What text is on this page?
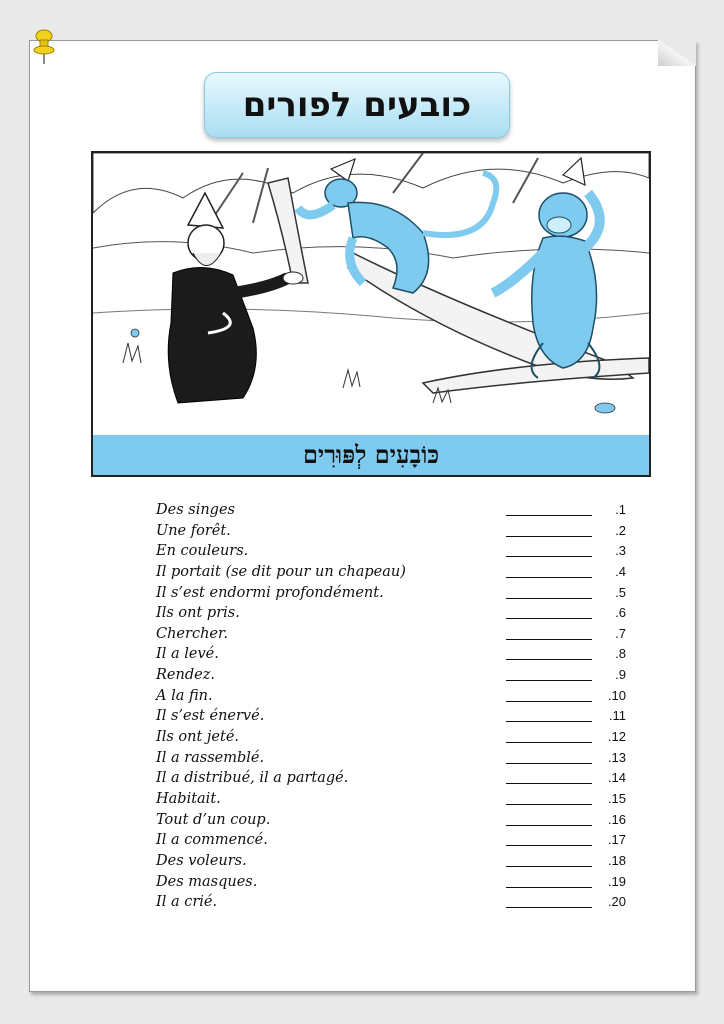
כובעים לפורים
כּוֹבָעִים לְפּוּרִים
Des singes	.1
Une forêt.	.2
En couleurs.	.3
Il portait (se dit pour un chapeau)	.4
Il s’est endormi profondément.	.5
Ils ont pris.	.6
Chercher.	.7
Il a levé.	.8
Rendez.	.9
A la fin.	.10
Il s’est énervé.	.11
Ils ont jeté.	.12
Il a rassemblé.	.13
Il a distribué, il a partagé.	.14
Habitait.	.15
Tout d’un coup.	.16
Il a commencé.	.17
Des voleurs.	.18
Des masques.	.19
Il a crié.	.20
